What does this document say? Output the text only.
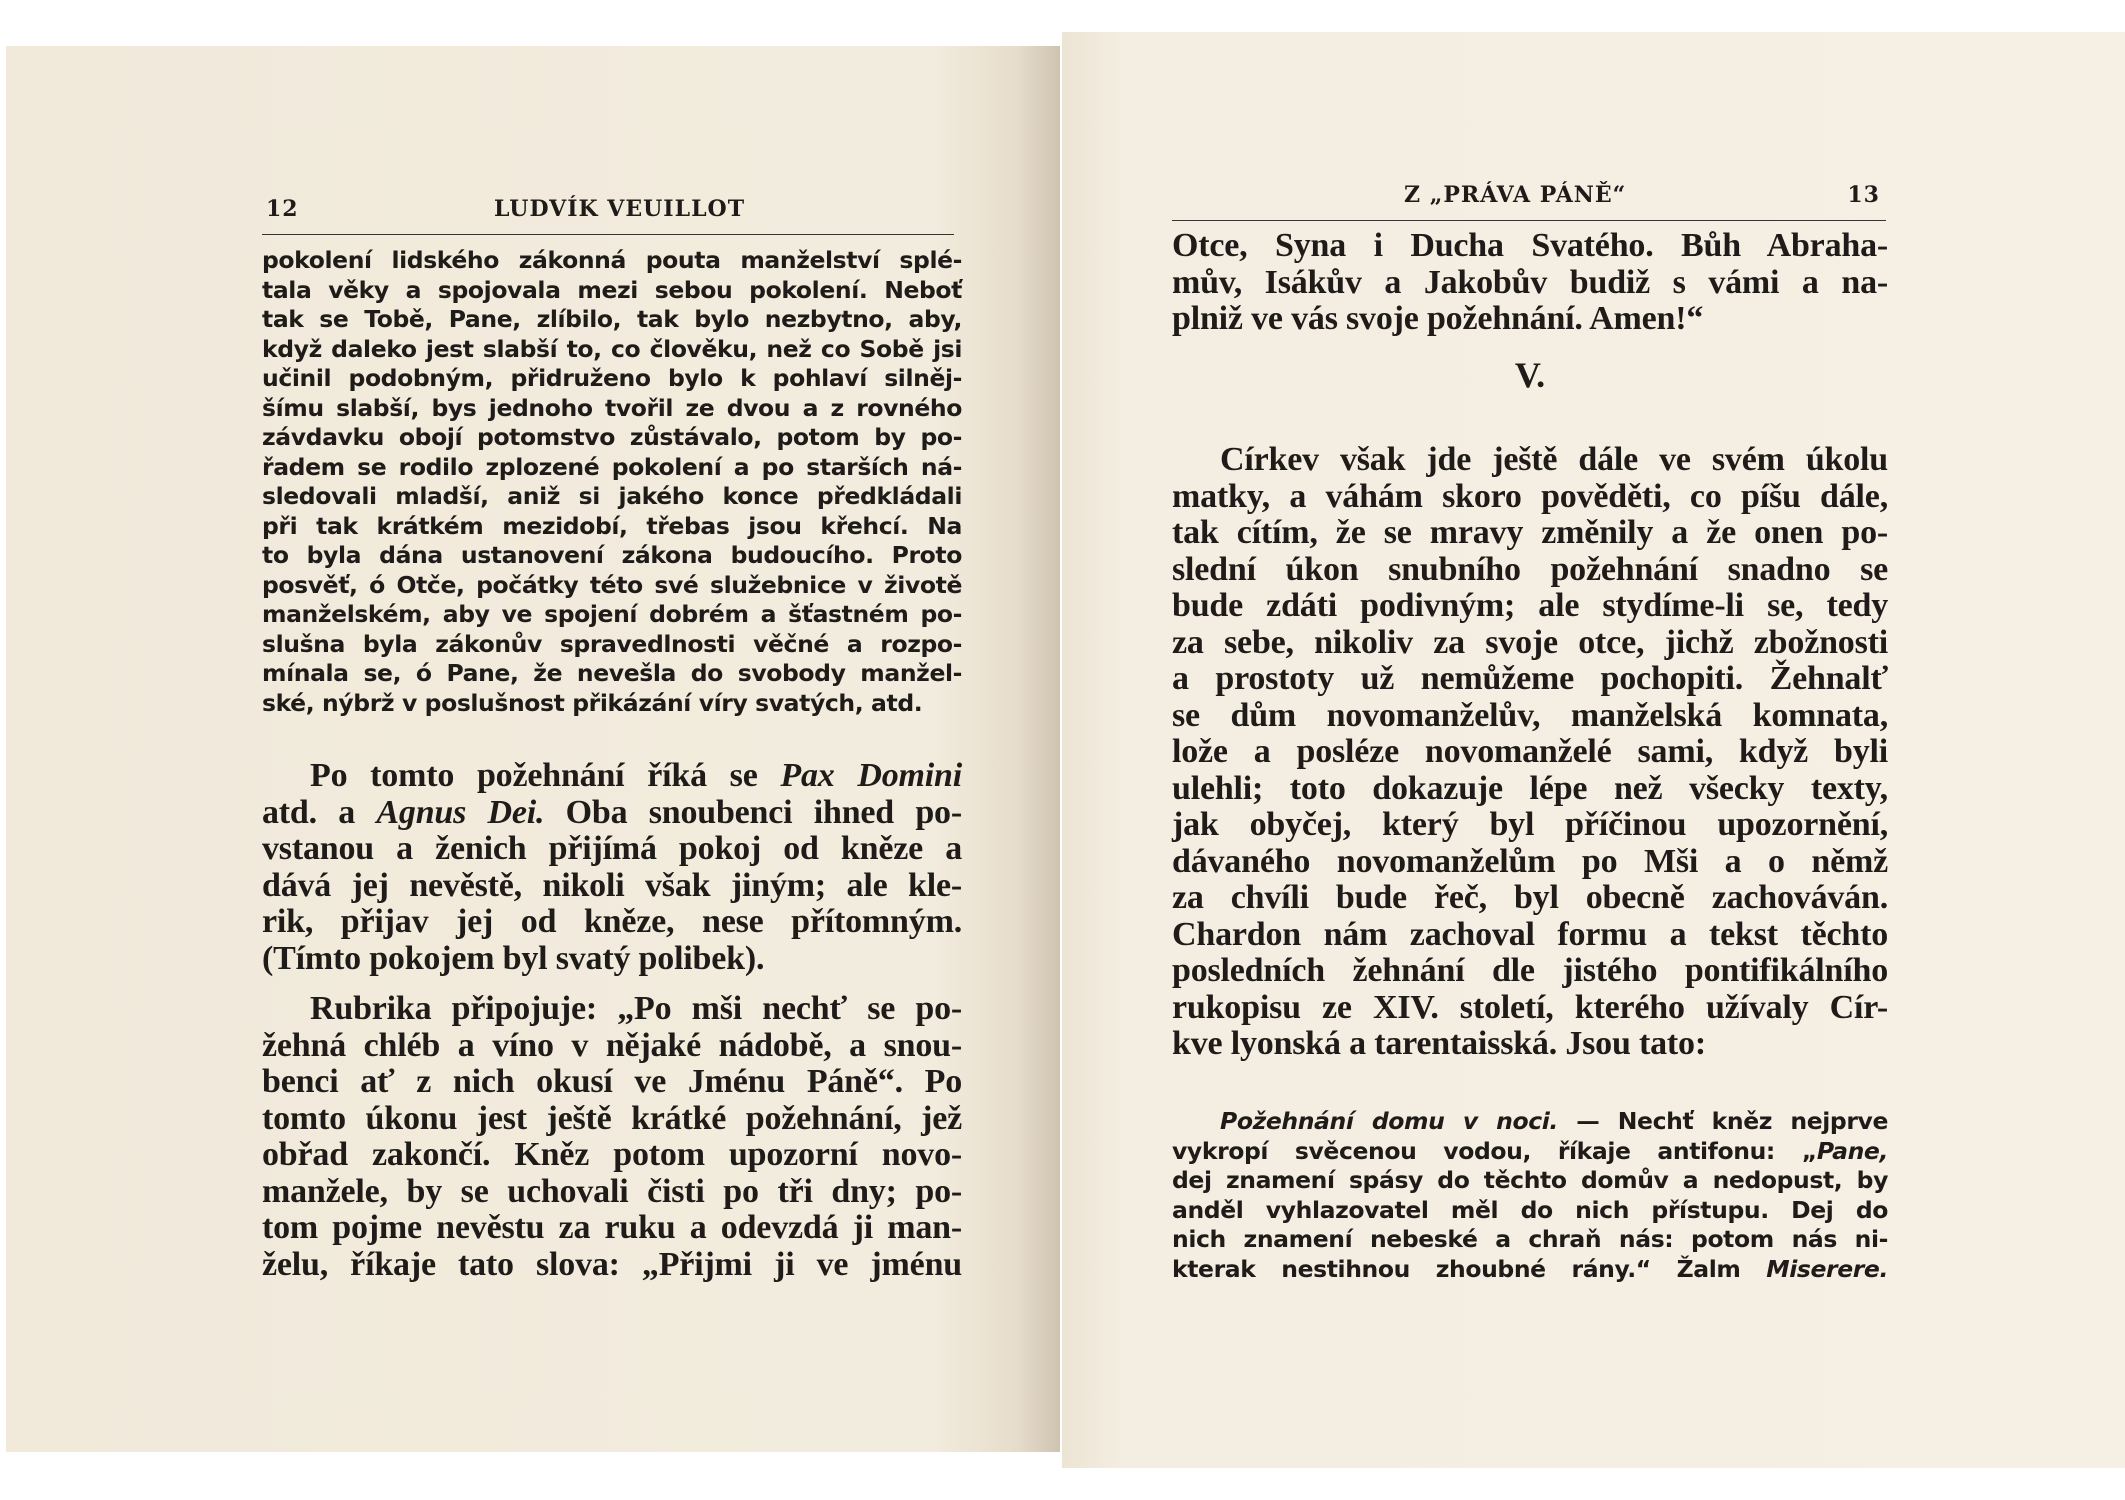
12	LUDVÍK VEUILLOT
pokolení lidského zákonná pouta manželství splé-
tala věky a spojovala mezi sebou pokolení. Neboť
tak se Tobě, Pane, zlíbilo, tak bylo nezbytno, aby,
když daleko jest slabší to, co člověku, než co Sobě jsi
učinil podobným, přidruženo bylo k pohlaví silněj-
šímu slabší, bys jednoho tvořil ze dvou a z rovného
závdavku obojí potomstvo zůstávalo, potom by po-
řadem se rodilo zplozené pokolení a po starších ná-
sledovali mladší, aniž si jakého konce předkládali
při tak krátkém mezidobí, třebas jsou křehcí. Na
to byla dána ustanovení zákona budoucího. Proto
posvěť, ó Otče, počátky této své služebnice v životě
manželském, aby ve spojení dobrém a šťastném po-
slušna byla zákonův spravedlnosti věčné a rozpo-
mínala se, ó Pane, že nevešla do svobody manžel-
ské, nýbrž v poslušnost přikázání víry svatých, atd.
Po tomto požehnání říká se Pax Domini
atd. a Agnus Dei. Oba snoubenci ihned po-
vstanou a ženich přijímá pokoj od kněze a
dává jej nevěstě, nikoli však jiným; ale kle-
rik, přijav jej od kněze, nese přítomným.
(Tímto pokojem byl svatý polibek).
Rubrika připojuje: „Po mši nechť se po-
žehná chléb a víno v nějaké nádobě, a snou-
benci ať z nich okusí ve Jménu Páně“. Po
tomto úkonu jest ještě krátké požehnání, jež
obřad zakončí. Kněz potom upozorní novo-
manžele, by se uchovali čisti po tři dny; po-
tom pojme nevěstu za ruku a odevzdá ji man-
želu, říkaje tato slova: „Přijmi ji ve jménu
Z „PRÁVA PÁNĚ“	13
Otce, Syna i Ducha Svatého. Bůh Abraha-
mův, Isákův a Jakobův budiž s vámi a na-
plniž ve vás svoje požehnání. Amen!“

V.

Církev však jde ještě dále ve svém úkolu
matky, a váhám skoro pověděti, co píšu dále,
tak cítím, že se mravy změnily a že onen po-
slední úkon snubního požehnání snadno se
bude zdáti podivným; ale stydíme-li se, tedy
za sebe, nikoliv za svoje otce, jichž zbožnosti
a prostoty už nemůžeme pochopiti. Žehnalť
se dům novomanželův, manželská komnata,
lože a posléze novomanželé sami, když byli
ulehli; toto dokazuje lépe než všecky texty,
jak obyčej, který byl příčinou upozornění,
dávaného novomanželům po Mši a o němž
za chvíli bude řeč, byl obecně zachováván.
Chardon nám zachoval formu a tekst těchto
posledních žehnání dle jistého pontifikálního
rukopisu ze XIV. století, kterého užívaly Cír-
kve lyonská a tarentaisská. Jsou tato:
Požehnání domu v noci. — Nechť kněz nejprve
vykropí svěcenou vodou, říkaje antifonu: „Pane,
dej znamení spásy do těchto domův a nedopust, by
anděl vyhlazovatel měl do nich přístupu. Dej do
nich znamení nebeské a chraň nás: potom nás ni-
kterak nestihnou zhoubné rány.“ Žalm Miserere.
